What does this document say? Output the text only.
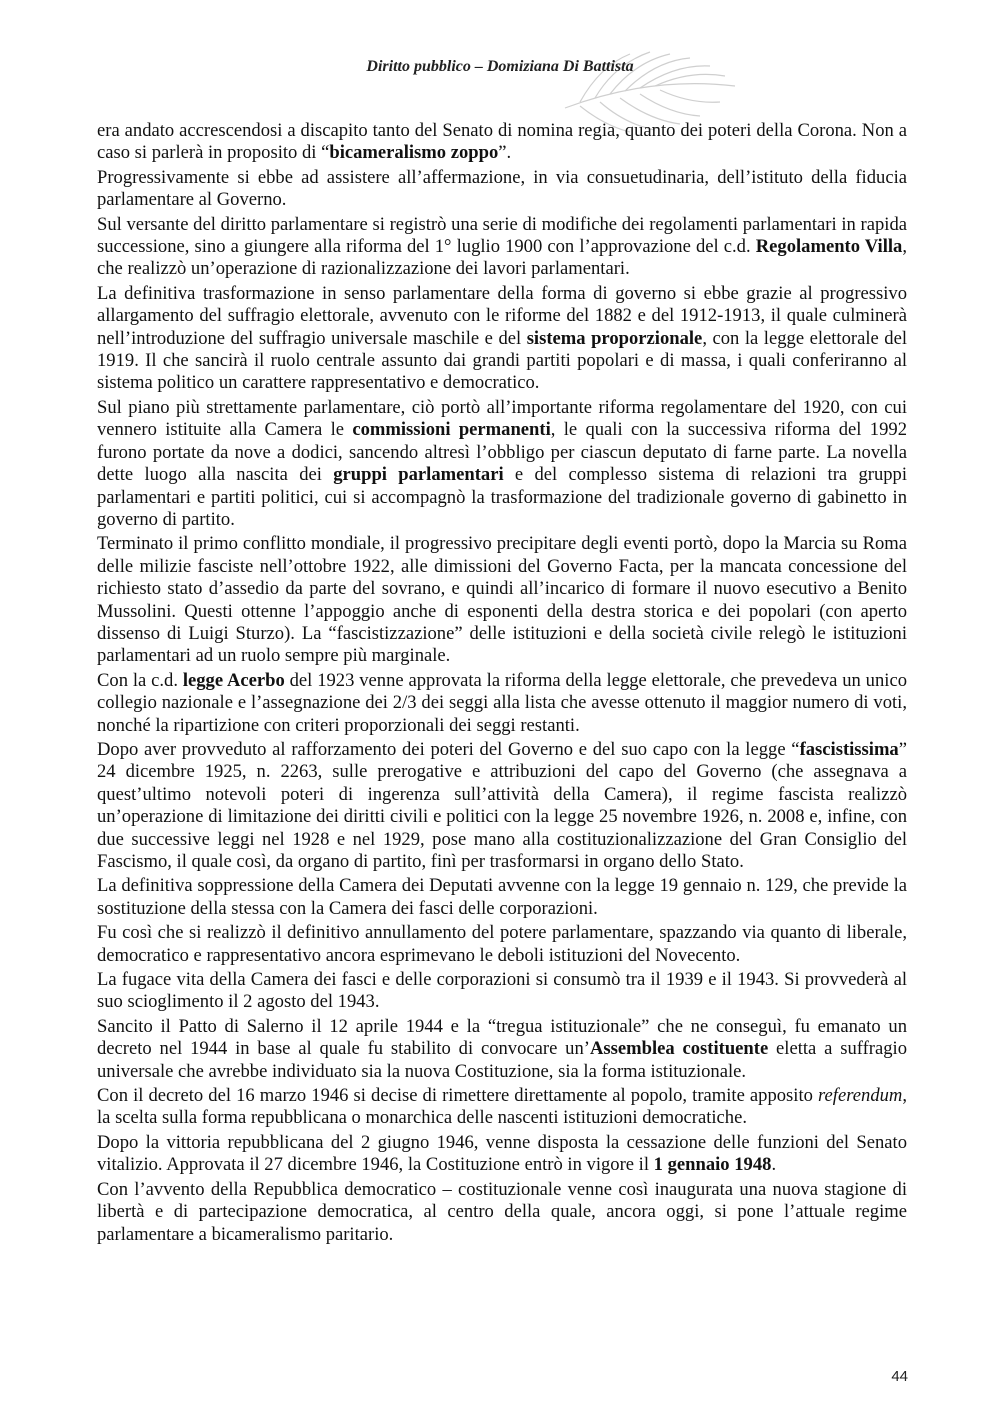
Diritto pubblico – Domiziana Di Battista

era andato accrescendosi a discapito tanto del Senato di nomina regia, quanto dei poteri della Corona. Non a caso si parlerà in proposito di “bicameralismo zoppo”.

Progressivamente si ebbe ad assistere all’affermazione, in via consuetudinaria, dell’istituto della fiducia parlamentare al Governo.

Sul versante del diritto parlamentare si registrò una serie di modifiche dei regolamenti parlamentari in rapida successione, sino a giungere alla riforma del 1° luglio 1900 con l’approvazione del c.d. Regolamento Villa, che realizzò un’operazione di razionalizzazione dei lavori parlamentari.

La definitiva trasformazione in senso parlamentare della forma di governo si ebbe grazie al progressivo allargamento del suffragio elettorale, avvenuto con le riforme del 1882 e del 1912-1913, il quale culminerà nell’introduzione del suffragio universale maschile e del sistema proporzionale, con la legge elettorale del 1919. Il che sancirà il ruolo centrale assunto dai grandi partiti popolari e di massa, i quali conferiranno al sistema politico un carattere rappresentativo e democratico.

Sul piano più strettamente parlamentare, ciò portò all’importante riforma regolamentare del 1920, con cui vennero istituite alla Camera le commissioni permanenti, le quali con la successiva riforma del 1992 furono portate da nove a dodici, sancendo altresì l’obbligo per ciascun deputato di farne parte. La novella dette luogo alla nascita dei gruppi parlamentari e del complesso sistema di relazioni tra gruppi parlamentari e partiti politici, cui si accompagnò la trasformazione del tradizionale governo di gabinetto in governo di partito.

Terminato il primo conflitto mondiale, il progressivo precipitare degli eventi portò, dopo la Marcia su Roma delle milizie fasciste nell’ottobre 1922, alle dimissioni del Governo Facta, per la mancata concessione del richiesto stato d’assedio da parte del sovrano, e quindi all’incarico di formare il nuovo esecutivo a Benito Mussolini. Questi ottenne l’appoggio anche di esponenti della destra storica e dei popolari (con aperto dissenso di Luigi Sturzo). La “fascistizzazione” delle istituzioni e della società civile relegò le istituzioni parlamentari ad un ruolo sempre più marginale.

Con la c.d. legge Acerbo del 1923 venne approvata la riforma della legge elettorale, che prevedeva un unico collegio nazionale e l’assegnazione dei 2/3 dei seggi alla lista che avesse ottenuto il maggior numero di voti, nonché la ripartizione con criteri proporzionali dei seggi restanti.

Dopo aver provveduto al rafforzamento dei poteri del Governo e del suo capo con la legge “fascistissima” 24 dicembre 1925, n. 2263, sulle prerogative e attribuzioni del capo del Governo (che assegnava a quest’ultimo notevoli poteri di ingerenza sull’attività della Camera), il regime fascista realizzò un’operazione di limitazione dei diritti civili e politici con la legge 25 novembre 1926, n. 2008 e, infine, con due successive leggi nel 1928 e nel 1929, pose mano alla costituzionalizzazione del Gran Consiglio del Fascismo, il quale così, da organo di partito, finì per trasformarsi in organo dello Stato.

La definitiva soppressione della Camera dei Deputati avvenne con la legge 19 gennaio n. 129, che previde la sostituzione della stessa con la Camera dei fasci delle corporazioni.

Fu così che si realizzò il definitivo annullamento del potere parlamentare, spazzando via quanto di liberale, democratico e rappresentativo ancora esprimevano le deboli istituzioni del Novecento.

La fugace vita della Camera dei fasci e delle corporazioni si consumò tra il 1939 e il 1943. Si provvederà al suo scioglimento il 2 agosto del 1943.

Sancito il Patto di Salerno il 12 aprile 1944 e la “tregua istituzionale” che ne conseguì, fu emanato un decreto nel 1944 in base al quale fu stabilito di convocare un’Assemblea costituente eletta a suffragio universale che avrebbe individuato sia la nuova Costituzione, sia la forma istituzionale.

Con il decreto del 16 marzo 1946 si decise di rimettere direttamente al popolo, tramite apposito referendum, la scelta sulla forma repubblicana o monarchica delle nascenti istituzioni democratiche.

Dopo la vittoria repubblicana del 2 giugno 1946, venne disposta la cessazione delle funzioni del Senato vitalizio. Approvata il 27 dicembre 1946, la Costituzione entrò in vigore il 1 gennaio 1948.

Con l’avvento della Repubblica democratico – costituzionale venne così inaugurata una nuova stagione di libertà e di partecipazione democratica, al centro della quale, ancora oggi, si pone l’attuale regime parlamentare a bicameralismo paritario.

44
